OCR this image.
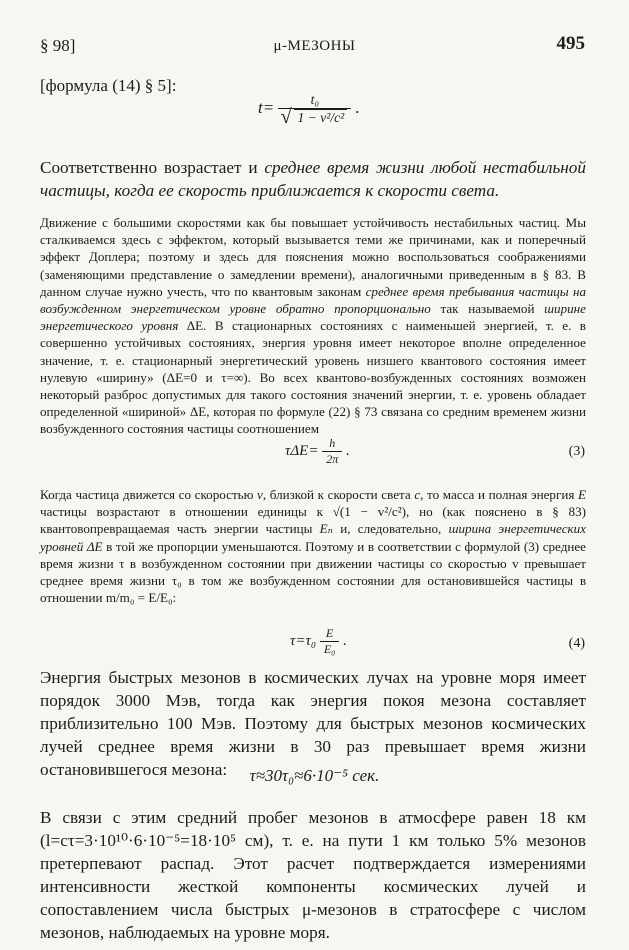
§ 98]	μ-МЕЗОНЫ	495
[формула (14) § 5]:
t= t₀
√ 1 − v²/c² .
Соответственно возрастает и среднее время жизни любой нестабильной частицы, когда ее скорость приближается к скорости света.
Движение с большими скоростями как бы повышает устойчивость нестабильных частиц. Мы сталкиваемся здесь с эффектом, который вызывается теми же причинами, как и поперечный эффект Доплера; поэтому и здесь для пояснения можно воспользоваться соображениями (заменяющими представление о замедлении времени), аналогичными приведенным в § 83. В данном случае нужно учесть, что по квантовым законам среднее время пребывания частицы на возбужденном энергетическом уровне обратно пропорционально так называемой ширине энергетического уровня ΔE. В стационарных состояниях с наименьшей энергией, т. е. в совершенно устойчивых состояниях, энергия уровня имеет некоторое вполне определенное значение, т. е. стационарный энергетический уровень низшего квантового состояния имеет нулевую «ширину» (ΔE=0 и τ=∞). Во всех квантово-возбужденных состояниях возможен некоторый разброс допустимых для такого состояния значений энергии, т. е. уровень обладает определенной «шириной» ΔE, которая по формуле (22) § 73 связана со средним временем жизни возбужденного состояния частицы соотношением
$\tau\Delta E= \frac{h}{2\pi}$ .	(3)
Когда частица движется со скоростью v, близкой к скорости света c, то масса и полная энергия E частицы возрастают в отношении единицы к √(1 − v²/c²), но (как пояснено в § 83) квантовопревращаемая часть энергии частицы Eₙ и, следовательно, ширина энергетических уровней ΔE в той же пропорции уменьшаются. Поэтому и в соответствии с формулой (3) среднее время жизни τ в возбужденном состоянии при движении частицы со скоростью v превышает среднее время жизни τ₀ в том же возбужденном состоянии для остановившейся частицы в отношении m/m₀ = E/E₀:
$\tau=\tau_0 \frac{E}{\text{E₀}}$ .	(4)
Энергия быстрых мезонов в космических лучах на уровне моря имеет порядок 3000 Мэв, тогда как энергия покоя мезона составляет приблизительно 100 Мэв. Поэтому для быстрых мезонов космических лучей среднее время жизни в 30 раз превышает время жизни остановившегося мезона:	τ≈30τ₀≈6·10⁻⁵ сек.
В связи с этим средний пробег мезонов в атмосфере равен 18 км (l=cτ=3·10¹⁰·6·10⁻⁵=18·10⁵ см), т. е. на пути 1 км только 5% мезонов претерпевают распад. Этот расчет подтверждается измерениями интенсивности жесткой компоненты космических лучей и сопоставлением числа быстрых μ-мезонов в стратосфере с числом мезонов, наблюдаемых на уровне моря.
